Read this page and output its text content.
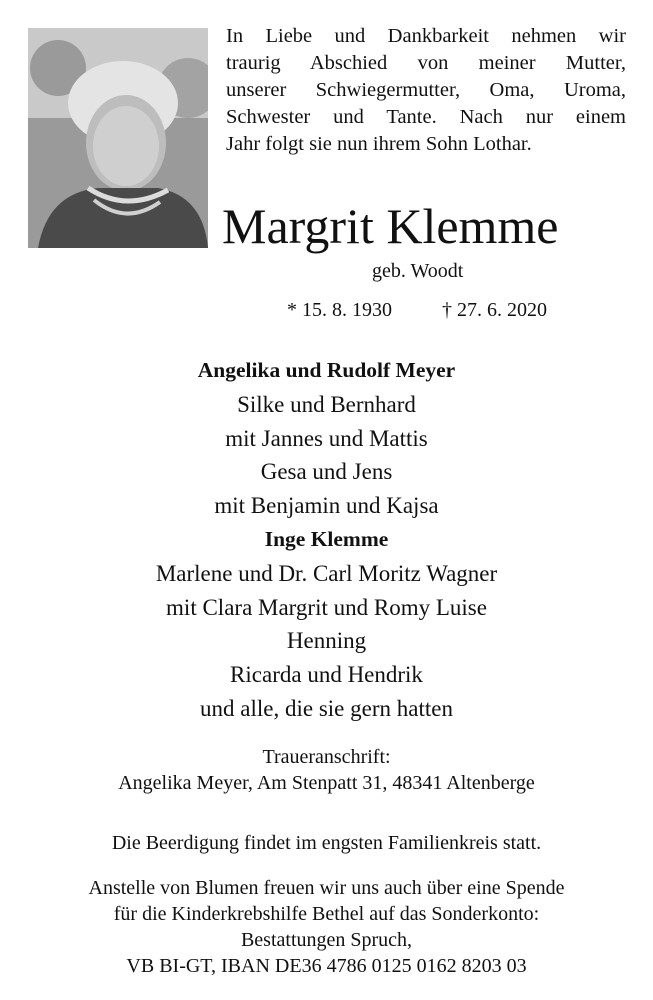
In Liebe und Dankbarkeit nehmen wir
traurig Abschied von meiner Mutter,
unserer Schwiegermutter, Oma, Uroma,
Schwester und Tante. Nach nur einem
Jahr folgt sie nun ihrem Sohn Lothar.
Margrit Klemme
geb. Woodt
* 15. 8. 1930	† 27. 6. 2020
Angelika und Rudolf Meyer
Silke und Bernhard
mit Jannes und Mattis
Gesa und Jens
mit Benjamin und Kajsa
Inge Klemme
Marlene und Dr. Carl Moritz Wagner
mit Clara Margrit und Romy Luise
Henning
Ricarda und Hendrik
und alle, die sie gern hatten
Traueranschrift:
Angelika Meyer, Am Stenpatt 31, 48341 Altenberge
Die Beerdigung findet im engsten Familienkreis statt.
Anstelle von Blumen freuen wir uns auch über eine Spende
für die Kinderkrebshilfe Bethel auf das Sonderkonto:
Bestattungen Spruch,
VB BI-GT, IBAN DE36 4786 0125 0162 8203 03
